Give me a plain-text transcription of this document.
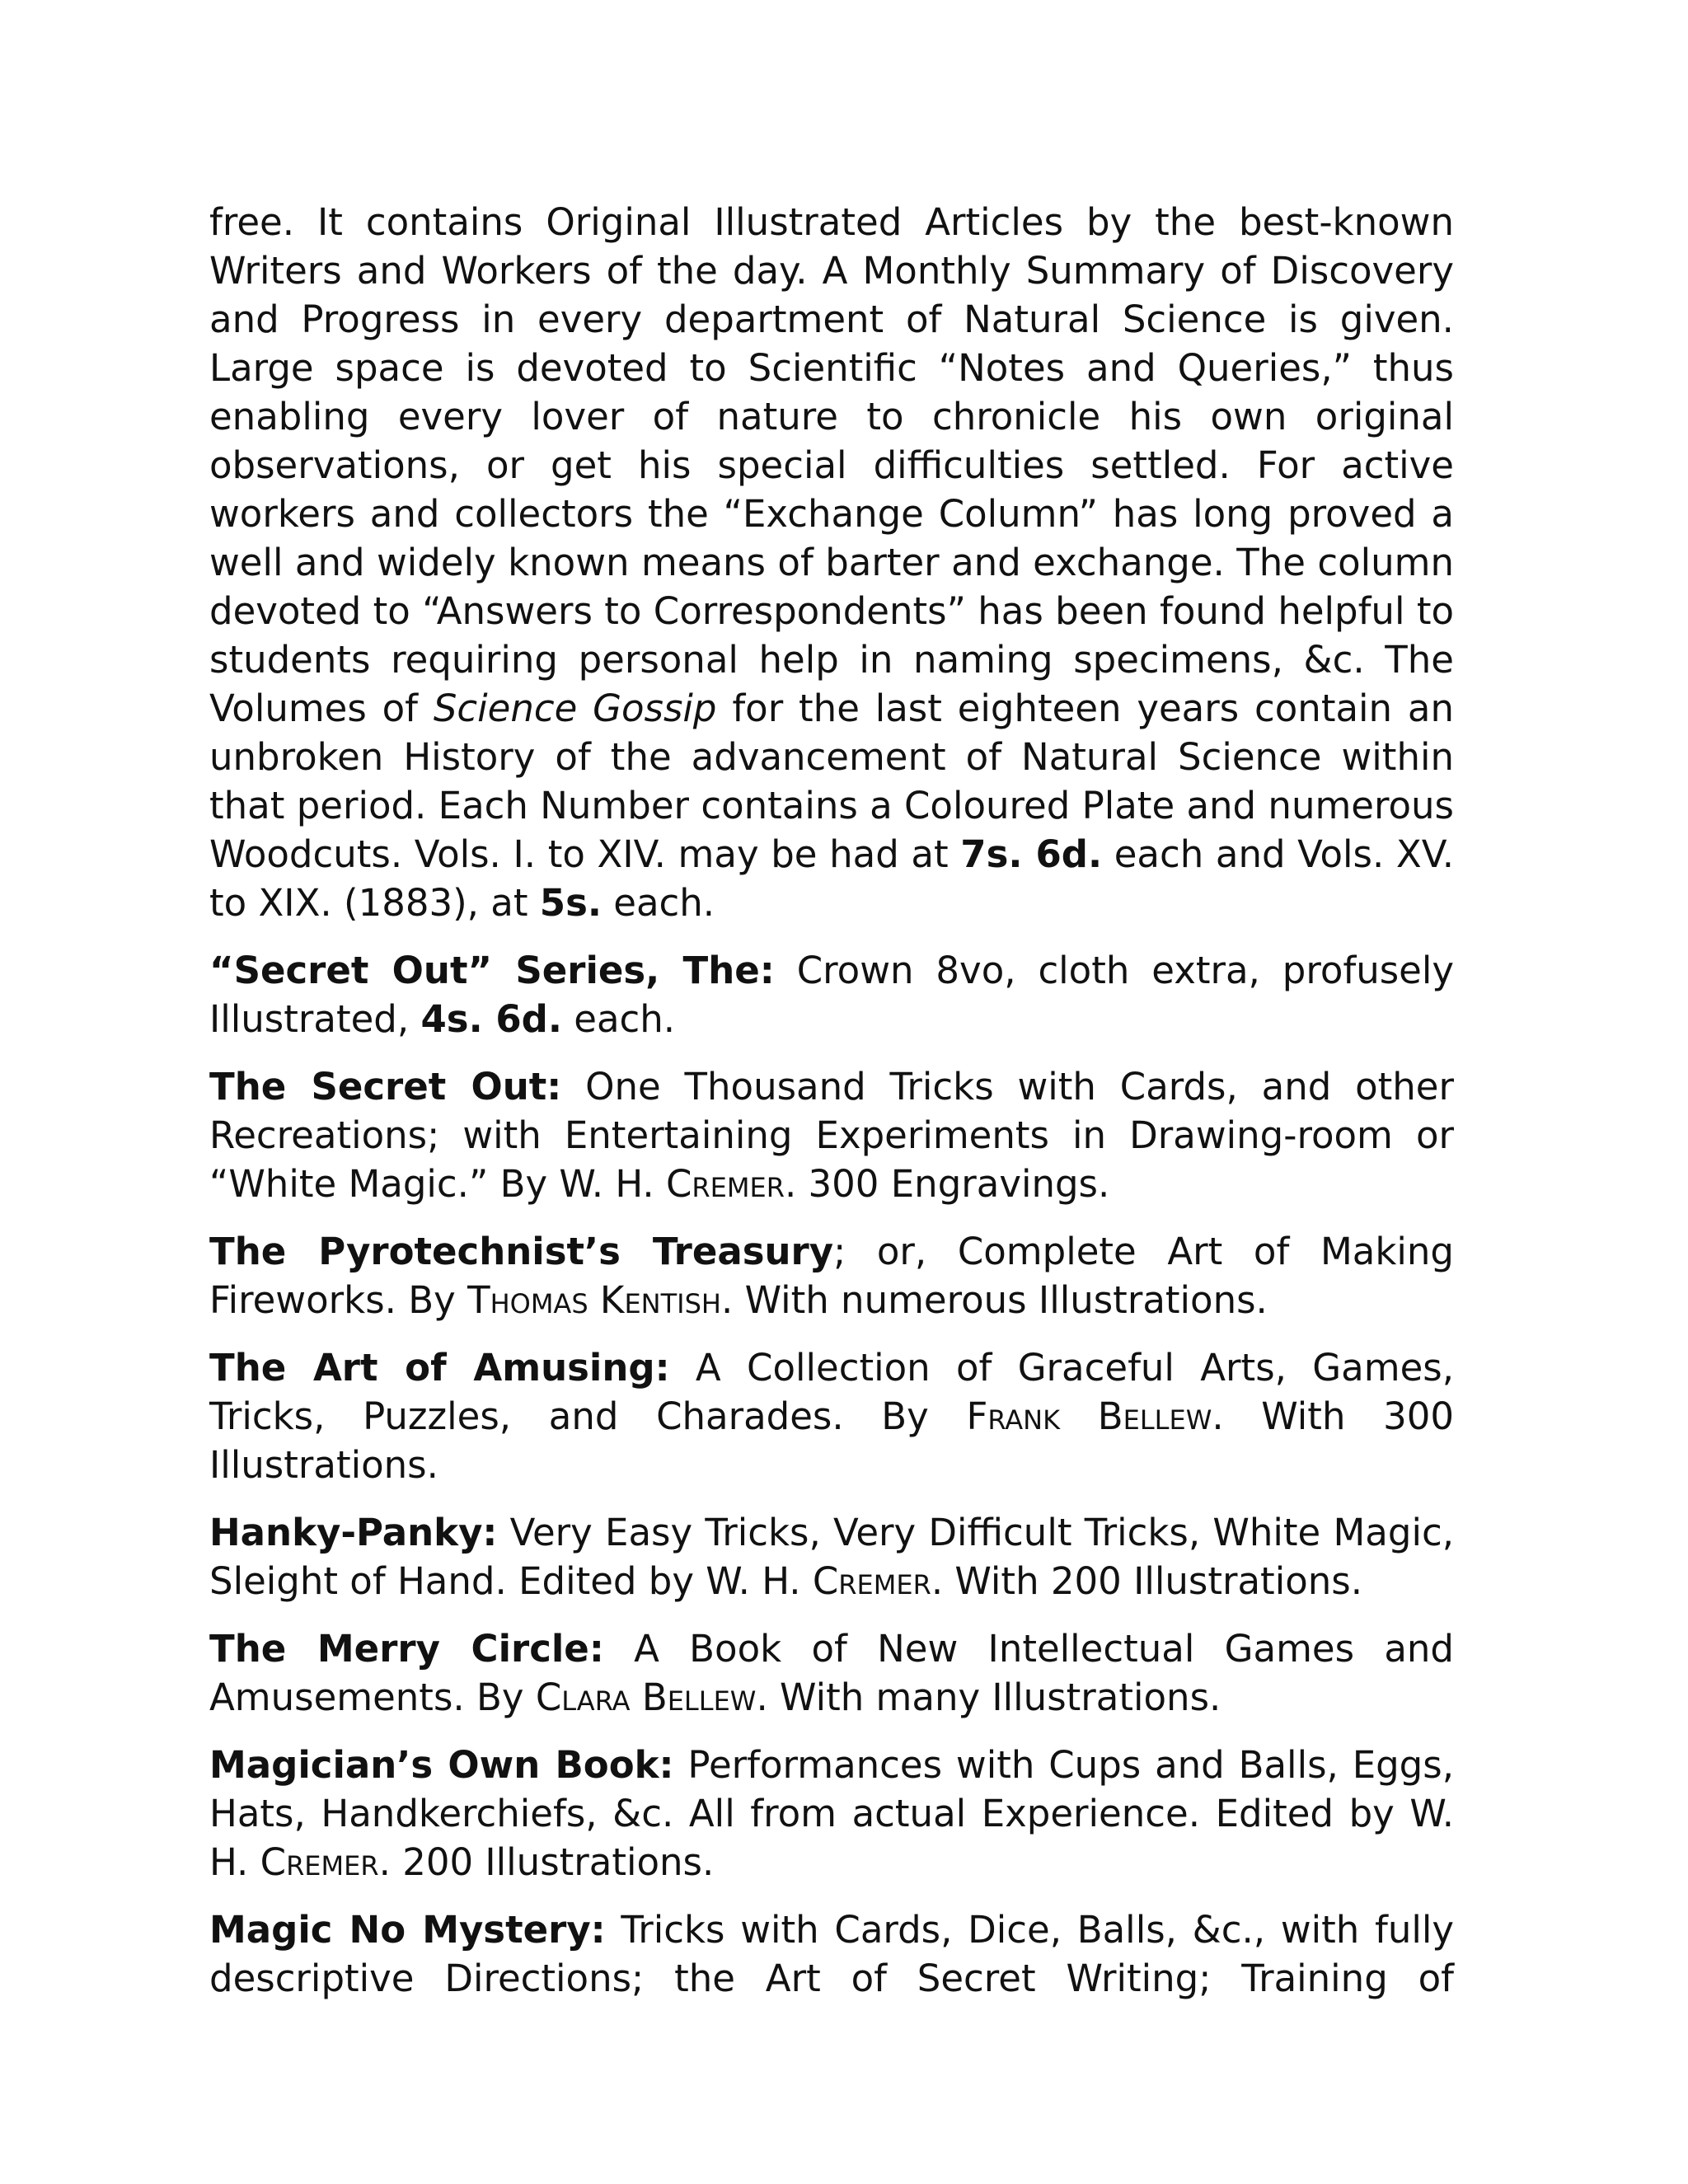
free. It contains Original Illustrated Articles by the best-known Writers and Workers of the day. A Monthly Summary of Discovery and Progress in every department of Natural Science is given. Large space is devoted to Scientific “Notes and Queries,” thus enabling every lover of nature to chronicle his own original observations, or get his special difficulties settled. For active workers and collectors the “Exchange Column” has long proved a well and widely known means of barter and exchange. The column devoted to “Answers to Correspondents” has been found helpful to students requiring personal help in naming specimens, &c. The Volumes of Science Gossip for the last eighteen years contain an unbroken History of the advancement of Natural Science within that period. Each Number contains a Coloured Plate and numerous Woodcuts. Vols. I. to XIV. may be had at 7s. 6d. each and Vols. XV. to XIX. (1883), at 5s. each.

“Secret Out” Series, The: Crown 8vo, cloth extra, profusely Illustrated, 4s. 6d. each.

The Secret Out: One Thousand Tricks with Cards, and other Recreations; with Entertaining Experiments in Drawing-room or “White Magic.” By W. H. Cremer. 300 Engravings.

The Pyrotechnist’s Treasury; or, Complete Art of Making Fireworks. By Thomas Kentish. With numerous Illustrations.

The Art of Amusing: A Collection of Graceful Arts, Games, Tricks, Puzzles, and Charades. By Frank Bellew. With 300 Illustrations.

Hanky-Panky: Very Easy Tricks, Very Difficult Tricks, White Magic, Sleight of Hand. Edited by W. H. Cremer. With 200 Illustrations.

The Merry Circle: A Book of New Intellectual Games and Amusements. By Clara Bellew. With many Illustrations.

Magician’s Own Book: Performances with Cups and Balls, Eggs, Hats, Handkerchiefs, &c. All from actual Experience. Edited by W. H. Cremer. 200 Illustrations.

Magic No Mystery: Tricks with Cards, Dice, Balls, &c., with fully descriptive Directions; the Art of Secret Writing; Training of
